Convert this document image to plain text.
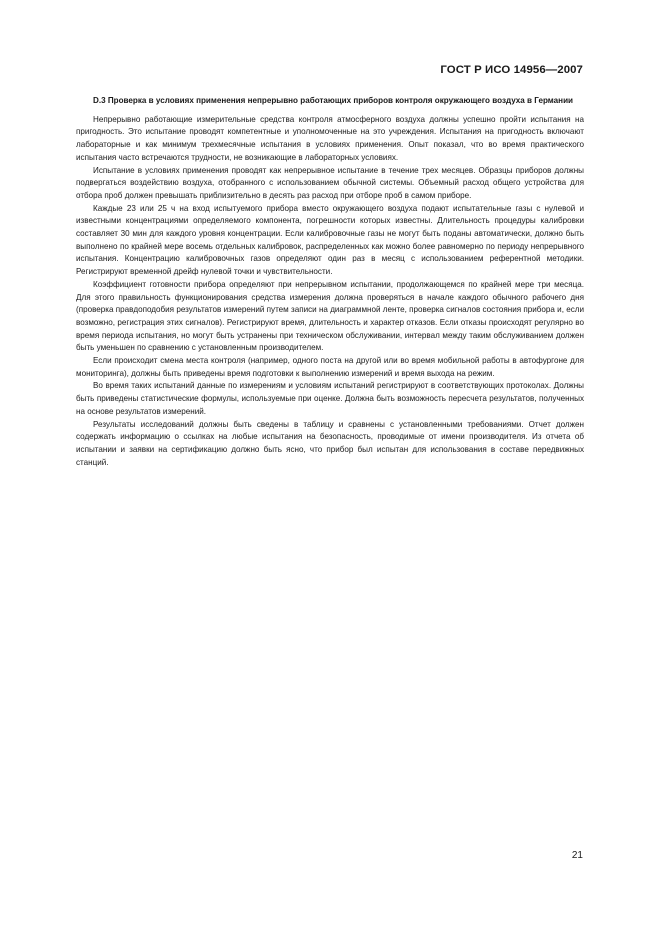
ГОСТ Р ИСО 14956—2007

D.3 Проверка в условиях применения непрерывно работающих приборов контроля окружающего воздуха в Германии

Непрерывно работающие измерительные средства контроля атмосферного воздуха должны успешно пройти испытания на пригодность. Это испытание проводят компетентные и уполномоченные на это учреждения. Испытания на пригодность включают лабораторные и как минимум трехмесячные испытания в условиях применения. Опыт показал, что во время практического испытания часто встречаются трудности, не возникающие в лабораторных условиях.

Испытание в условиях применения проводят как непрерывное испытание в течение трех месяцев. Образцы приборов должны подвергаться воздействию воздуха, отобранного с использованием обычной системы. Объемный расход общего устройства для отбора проб должен превышать приблизительно в десять раз расход при отборе проб в самом приборе.

Каждые 23 или 25 ч на вход испытуемого прибора вместо окружающего воздуха подают испытательные газы с нулевой и известными концентрациями определяемого компонента, погрешности которых известны. Длительность процедуры калибровки составляет 30 мин для каждого уровня концентрации. Если калибровочные газы не могут быть поданы автоматически, должно быть выполнено по крайней мере восемь отдельных калибровок, распределенных как можно более равномерно по периоду непрерывного испытания. Концентрацию калибровочных газов определяют один раз в месяц с использованием референтной методики. Регистрируют временной дрейф нулевой точки и чувствительности.

Коэффициент готовности прибора определяют при непрерывном испытании, продолжающемся по крайней мере три месяца. Для этого правильность функционирования средства измерения должна проверяться в начале каждого обычного рабочего дня (проверка правдоподобия результатов измерений путем записи на диаграммной ленте, проверка сигналов состояния прибора и, если возможно, регистрация этих сигналов). Регистрируют время, длительность и характер отказов. Если отказы происходят регулярно во время периода испытания, но могут быть устранены при техническом обслуживании, интервал между таким обслуживанием должен быть уменьшен по сравнению с установленным производителем.

Если происходит смена места контроля (например, одного поста на другой или во время мобильной работы в автофургоне для мониторинга), должны быть приведены время подготовки к выполнению измерений и время выхода на режим.

Во время таких испытаний данные по измерениям и условиям испытаний регистрируют в соответствующих протоколах. Должны быть приведены статистические формулы, используемые при оценке. Должна быть возможность пересчета результатов, полученных на основе результатов измерений.

Результаты исследований должны быть сведены в таблицу и сравнены с установленными требованиями. Отчет должен содержать информацию о ссылках на любые испытания на безопасность, проводимые от имени производителя. Из отчета об испытании и заявки на сертификацию должно быть ясно, что прибор был испытан для использования в составе передвижных станций.

21
